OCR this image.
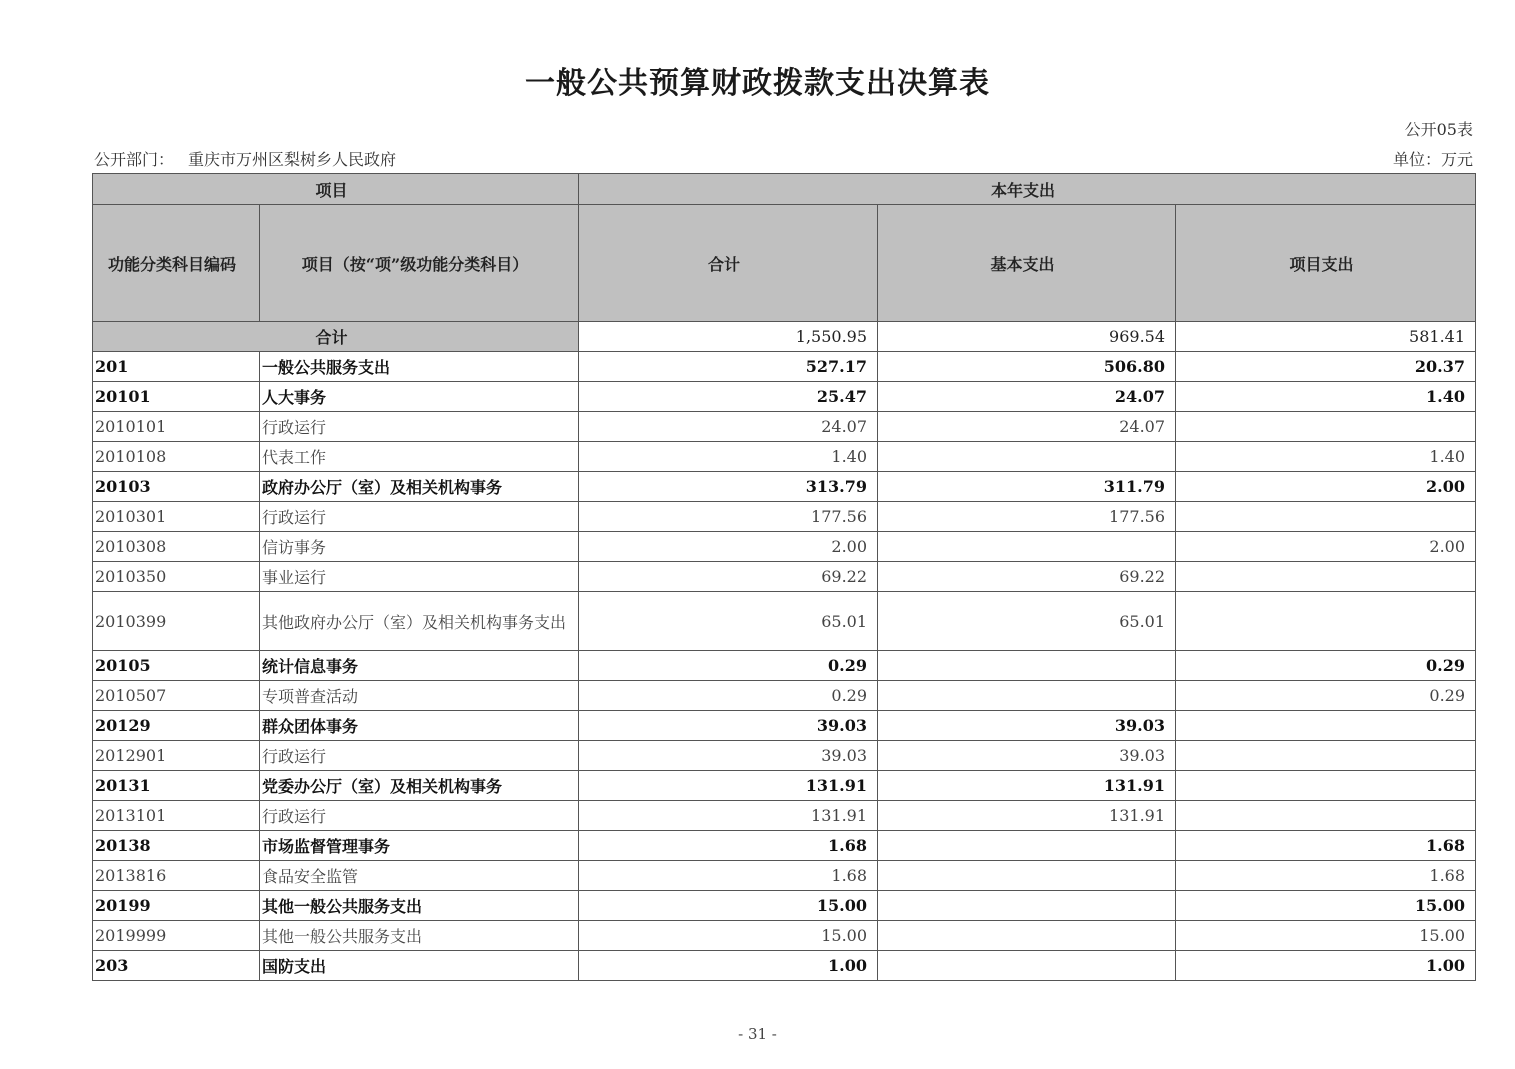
一般公共预算财政拨款支出决算表
公开05表
公开部门： 重庆市万州区梨树乡人民政府	单位：万元
项目		本年支出		
功能分类科目编码	项目（按“项”级功能分类科目）	合计	基本支出	项目支出
合计		1,550.95	969.54	581.41
201	一般公共服务支出	527.17	506.80	20.37
20101	人大事务	25.47	24.07	1.40
2010101	行政运行	24.07	24.07	
2010108	代表工作	1.40		1.40
20103	政府办公厅（室）及相关机构事务	313.79	311.79	2.00
2010301	行政运行	177.56	177.56	
2010308	信访事务	2.00		2.00
2010350	事业运行	69.22	69.22	
2010399	其他政府办公厅（室）及相关机构事务支出	65.01	65.01	
20105	统计信息事务	0.29		0.29
2010507	专项普查活动	0.29		0.29
20129	群众团体事务	39.03	39.03	
2012901	行政运行	39.03	39.03	
20131	党委办公厅（室）及相关机构事务	131.91	131.91	
2013101	行政运行	131.91	131.91	
20138	市场监督管理事务	1.68		1.68
2013816	食品安全监管	1.68		1.68
20199	其他一般公共服务支出	15.00		15.00
2019999	其他一般公共服务支出	15.00		15.00
203	国防支出	1.00		1.00
- 31 -
